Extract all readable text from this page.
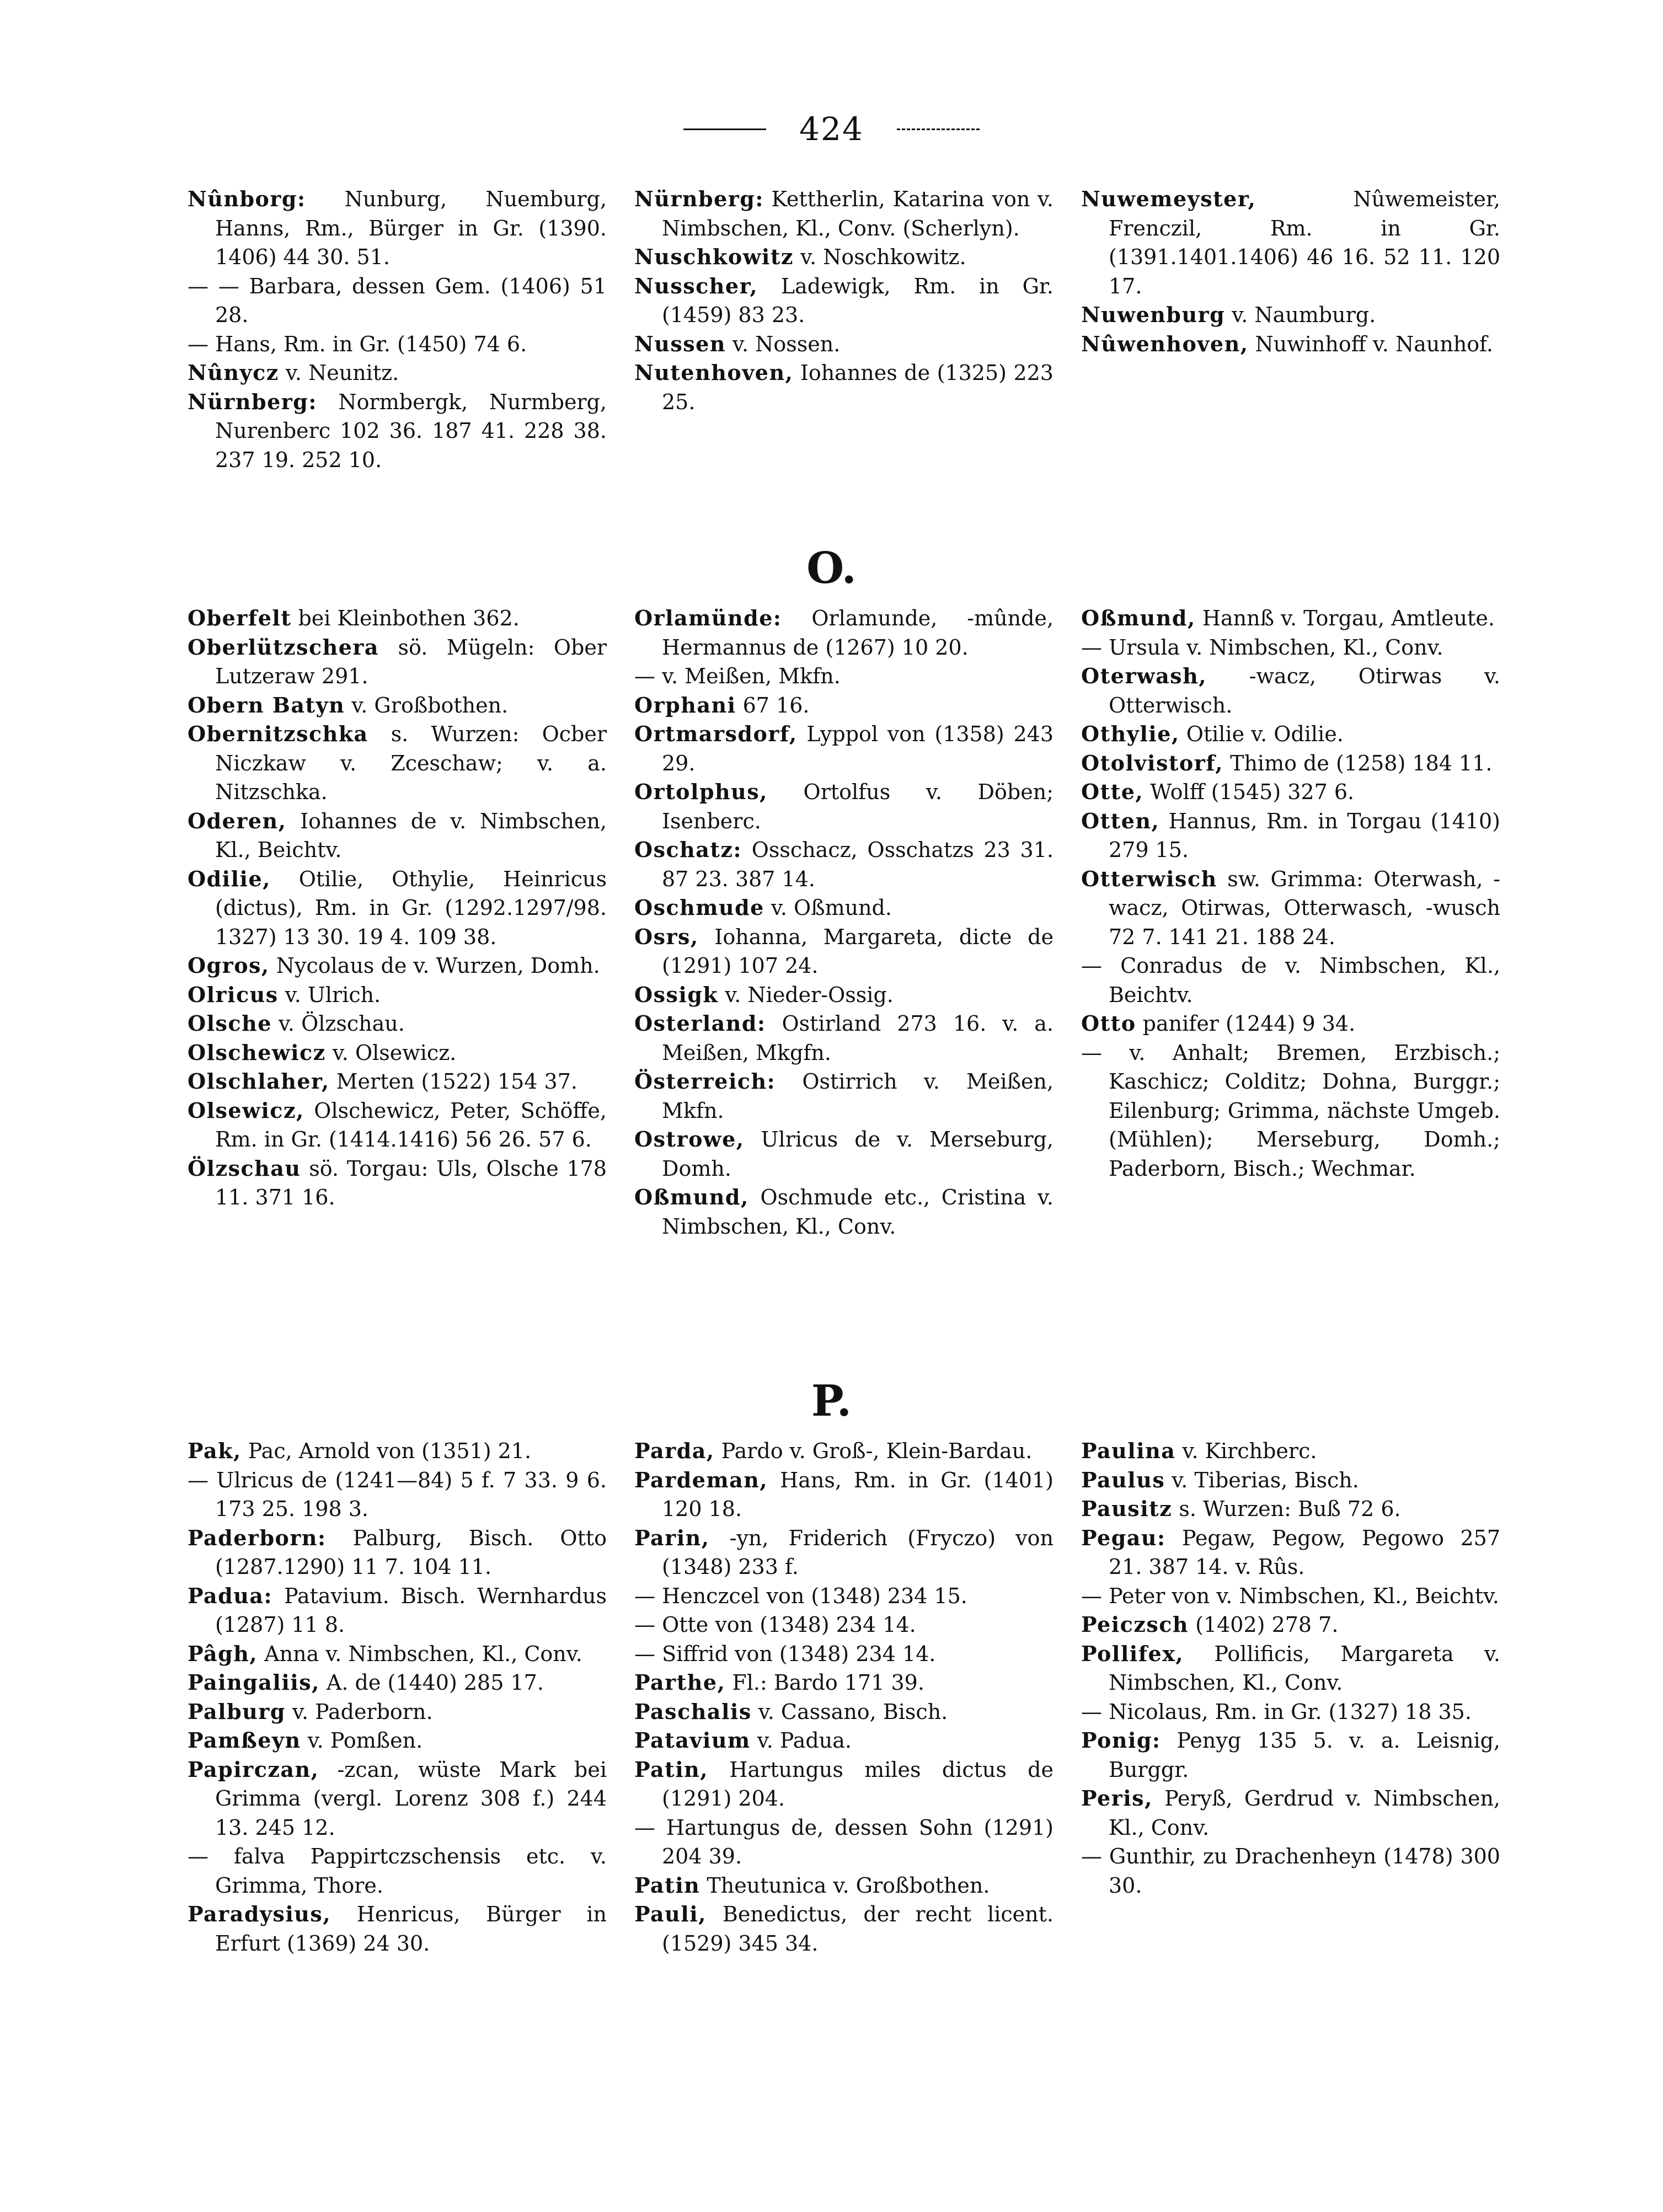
424

Nûnborg: Nunburg, Nuemburg, Hanns, Rm., Bürger in Gr. (1390. 1406) 44 30. 51.

— — Barbara, dessen Gem. (1406) 51 28.

— Hans, Rm. in Gr. (1450) 74 6.

Nûnycz v. Neunitz.

Nürnberg: Normbergk, Nurmberg, Nurenberc 102 36. 187 41. 228 38. 237 19. 252 10.

Nürnberg: Kettherlin, Katarina von v. Nimbschen, Kl., Conv. (Scherlyn).

Nuschkowitz v. Noschkowitz.

Nusscher, Ladewigk, Rm. in Gr. (1459) 83 23.

Nussen v. Nossen.

Nutenhoven, Iohannes de (1325) 223 25.

Nuwemeyster, Nûwemeister, Frenczil, Rm. in Gr. (1391.1401.1406) 46 16. 52 11. 120 17.

Nuwenburg v. Naumburg.

Nûwenhoven, Nuwinhoff v. Naunhof.

O.

Oberfelt bei Kleinbothen 362.

Oberlützschera sö. Mügeln: Ober Lutzeraw 291.

Obern Batyn v. Großbothen.

Obernitzschka s. Wurzen: Ocber Niczkaw v. Zceschaw; v. a. Nitzschka.

Oderen, Iohannes de v. Nimbschen, Kl., Beichtv.

Odilie, Otilie, Othylie, Heinricus (dictus), Rm. in Gr. (1292.1297/98. 1327) 13 30. 19 4. 109 38.

Ogros, Nycolaus de v. Wurzen, Domh.

Olricus v. Ulrich.

Olsche v. Ölzschau.

Olschewicz v. Olsewicz.

Olschlaher, Merten (1522) 154 37.

Olsewicz, Olschewicz, Peter, Schöffe, Rm. in Gr. (1414.1416) 56 26. 57 6.

Ölzschau sö. Torgau: Uls, Olsche 178 11. 371 16.

Orlamünde: Orlamunde, -mûnde, Hermannus de (1267) 10 20.

— v. Meißen, Mkfn.

Orphani 67 16.

Ortmarsdorf, Lyppol von (1358) 243 29.

Ortolphus, Ortolfus v. Döben; Isenberc.

Oschatz: Osschacz, Osschatzs 23 31. 87 23. 387 14.

Oschmude v. Oßmund.

Osrs, Iohanna, Margareta, dicte de (1291) 107 24.

Ossigk v. Nieder-Ossig.

Osterland: Ostirland 273 16. v. a. Meißen, Mkgfn.

Österreich: Ostirrich v. Meißen, Mkfn.

Ostrowe, Ulricus de v. Merseburg, Domh.

Oßmund, Oschmude etc., Cristina v. Nimbschen, Kl., Conv.

Oßmund, Hannß v. Torgau, Amtleute.

— Ursula v. Nimbschen, Kl., Conv.

Oterwash, -wacz, Otirwas v. Otterwisch.

Othylie, Otilie v. Odilie.

Otolvistorf, Thimo de (1258) 184 11.

Otte, Wolff (1545) 327 6.

Otten, Hannus, Rm. in Torgau (1410) 279 15.

Otterwisch sw. Grimma: Oterwash, -wacz, Otirwas, Otterwasch, -wusch 72 7. 141 21. 188 24.

— Conradus de v. Nimbschen, Kl., Beichtv.

Otto panifer (1244) 9 34.

— v. Anhalt; Bremen, Erzbisch.; Kaschicz; Colditz; Dohna, Burggr.; Eilenburg; Grimma, nächste Umgeb. (Mühlen); Merseburg, Domh.; Paderborn, Bisch.; Wechmar.

P.

Pak, Pac, Arnold von (1351) 21.

— Ulricus de (1241—84) 5 f. 7 33. 9 6. 173 25. 198 3.

Paderborn: Palburg, Bisch. Otto (1287.1290) 11 7. 104 11.

Padua: Patavium. Bisch. Wernhardus (1287) 11 8.

Pâgh, Anna v. Nimbschen, Kl., Conv.

Paingaliis, A. de (1440) 285 17.

Palburg v. Paderborn.

Pamßeyn v. Pomßen.

Papirczan, -zcan, wüste Mark bei Grimma (vergl. Lorenz 308 f.) 244 13. 245 12.

— falva Pappirtczschensis etc. v. Grimma, Thore.

Paradysius, Henricus, Bürger in Erfurt (1369) 24 30.

Parda, Pardo v. Groß-, Klein-Bardau.

Pardeman, Hans, Rm. in Gr. (1401) 120 18.

Parin, -yn, Friderich (Fryczo) von (1348) 233 f.

— Henczcel von (1348) 234 15.

— Otte von (1348) 234 14.

— Siffrid von (1348) 234 14.

Parthe, Fl.: Bardo 171 39.

Paschalis v. Cassano, Bisch.

Patavium v. Padua.

Patin, Hartungus miles dictus de (1291) 204.

— Hartungus de, dessen Sohn (1291) 204 39.

Patin Theutunica v. Großbothen.

Pauli, Benedictus, der recht licent. (1529) 345 34.

Paulina v. Kirchberc.

Paulus v. Tiberias, Bisch.

Pausitz s. Wurzen: Buß 72 6.

Pegau: Pegaw, Pegow, Pegowo 257 21. 387 14. v. Rûs.

— Peter von v. Nimbschen, Kl., Beichtv.

Peiczsch (1402) 278 7.

Pollifex, Pollificis, Margareta v. Nimbschen, Kl., Conv.

— Nicolaus, Rm. in Gr. (1327) 18 35.

Ponig: Penyg 135 5. v. a. Leisnig, Burggr.

Peris, Peryß, Gerdrud v. Nimbschen, Kl., Conv.

— Gunthir, zu Drachenheyn (1478) 300 30.
